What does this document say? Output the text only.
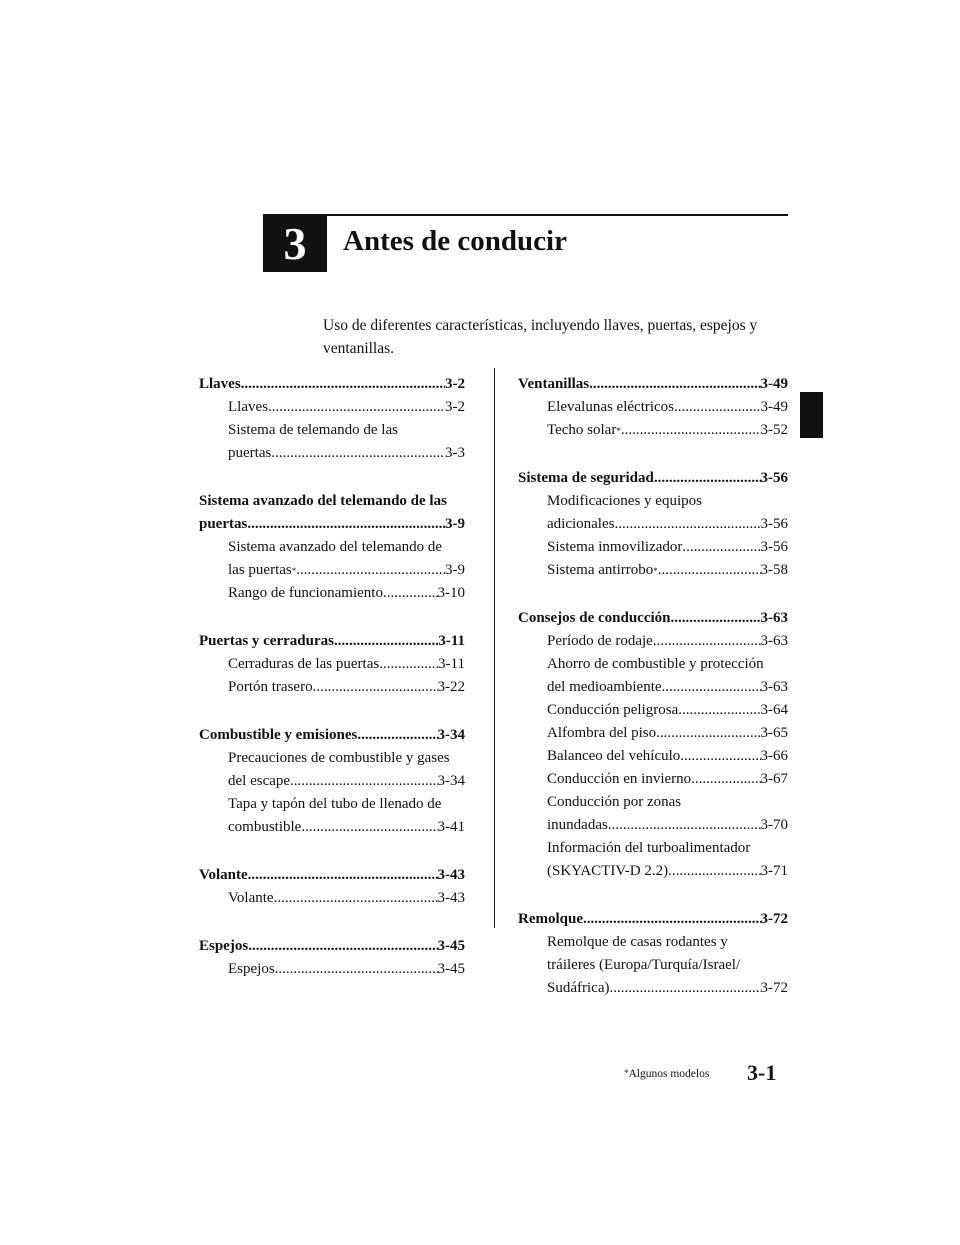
3 Antes de conducir
Uso de diferentes características, incluyendo llaves, puertas, espejos y ventanillas.
Llaves .....	3-2
Llaves .....	3-2
Sistema de telemando de las
puertas .....	3-3
Sistema avanzado del telemando de las
puertas .....	3-9
Sistema avanzado del telemando de
las puertas* .....	3-9
Rango de funcionamiento .....	3-10
Puertas y cerraduras .....	3-11
Cerraduras de las puertas .....	3-11
Portón trasero .....	3-22
Combustible y emisiones .....	3-34
Precauciones de combustible y gases
del escape .....	3-34
Tapa y tapón del tubo de llenado de
combustible .....	3-41
Volante .....	3-43
Volante .....	3-43
Espejos .....	3-45
Espejos .....	3-45
Ventanillas .....	3-49
Elevalunas eléctricos .....	3-49
Techo solar* .....	3-52
Sistema de seguridad .....	3-56
Modificaciones y equipos
adicionales .....	3-56
Sistema inmovilizador .....	3-56
Sistema antirrobo* .....	3-58
Consejos de conducción .....	3-63
Período de rodaje .....	3-63
Ahorro de combustible y protección
del medioambiente .....	3-63
Conducción peligrosa .....	3-64
Alfombra del piso .....	3-65
Balanceo del vehículo .....	3-66
Conducción en invierno .....	3-67
Conducción por zonas
inundadas .....	3-70
Información del turboalimentador
(SKYACTIV-D 2.2) .....	3-71
Remolque .....	3-72
Remolque de casas rodantes y
tráileres (Europa/Turquía/Israel/
Sudáfrica) .....	3-72
*Algunos modelos 3-1
